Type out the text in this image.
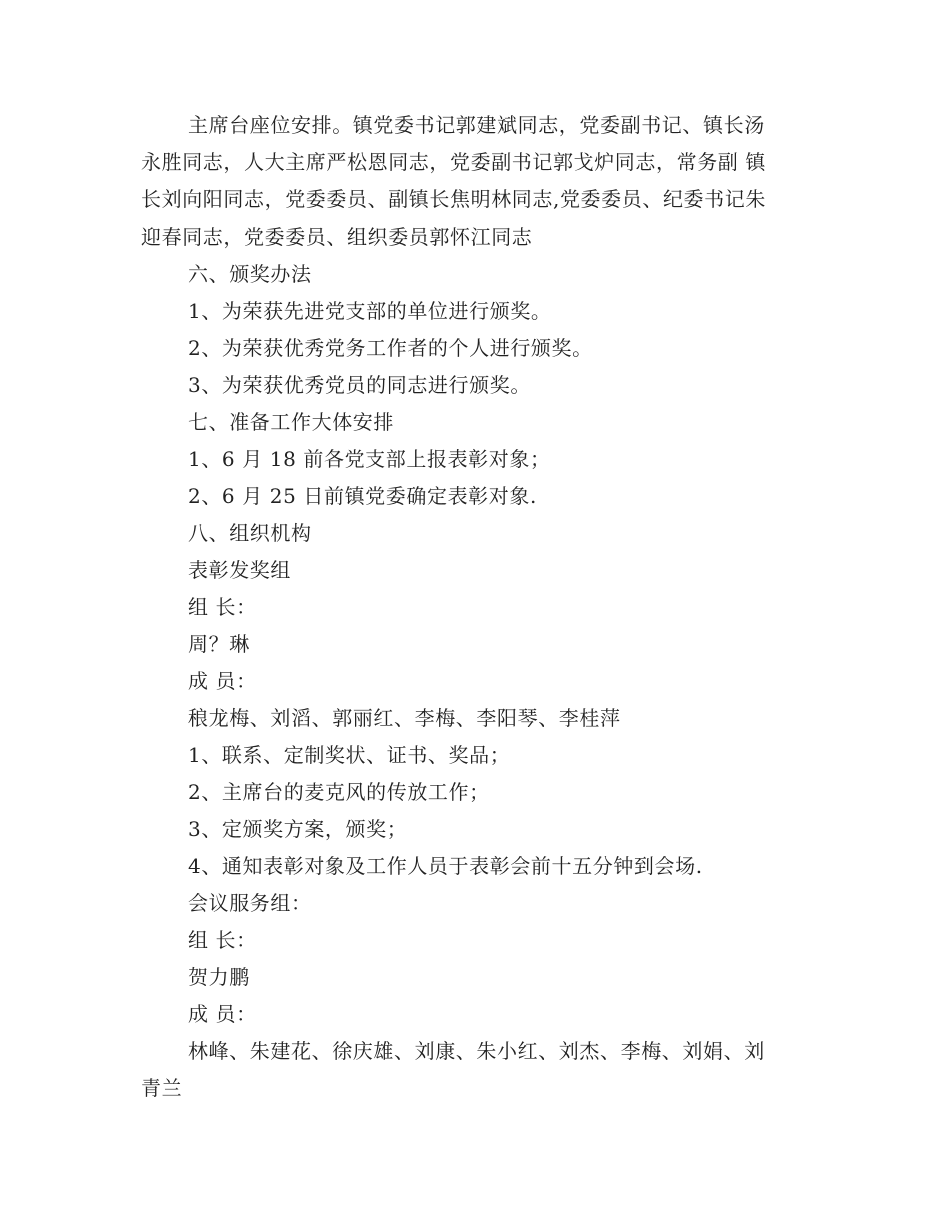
主席台座位安排。镇党委书记郭建斌同志，党委副书记、镇长汤
永胜同志，人大主席严松恩同志，党委副书记郭戈炉同志，常务副 镇
长刘向阳同志，党委委员、副镇长焦明林同志,党委委员、纪委书记朱
迎春同志，党委委员、组织委员郭怀江同志
六、颁奖办法
1、为荣获先进党支部的单位进行颁奖。
2、为荣获优秀党务工作者的个人进行颁奖。
3、为荣获优秀党员的同志进行颁奖。
七、准备工作大体安排
1、6 月 18 前各党支部上报表彰对象；
2、6 月 25 日前镇党委确定表彰对象.
八、组织机构
表彰发奖组
组 长：
周？琳
成 员：
稂龙梅、刘滔、郭丽红、李梅、李阳琴、李桂萍
1、联系、定制奖状、证书、奖品；
2、主席台的麦克风的传放工作；
3、定颁奖方案，颁奖；
4、通知表彰对象及工作人员于表彰会前十五分钟到会场.
会议服务组：
组 长：
贺力鹏
成 员：
林峰、朱建花、徐庆雄、刘康、朱小红、刘杰、李梅、刘娟、刘
青兰
